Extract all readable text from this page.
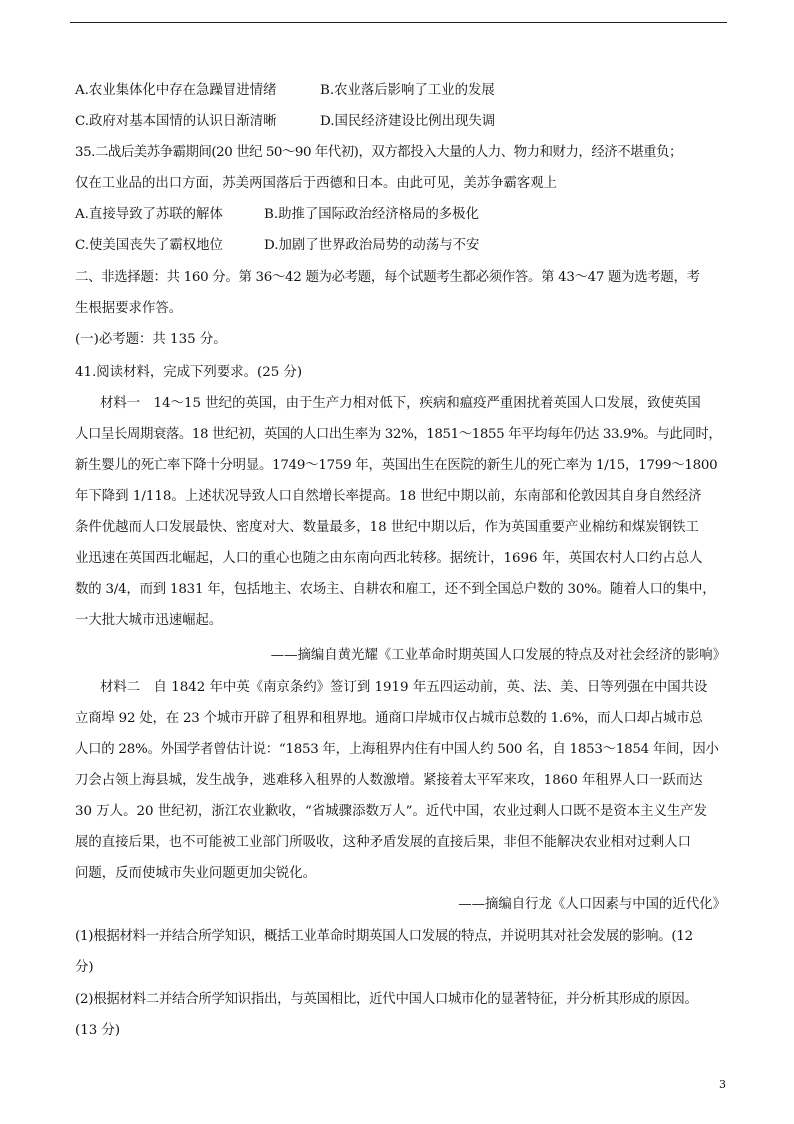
A.农业集体化中存在急躁冒进情绪	B.农业落后影响了工业的发展
C.政府对基本国情的认识日渐清晰	D.国民经济建设比例出现失调
35.二战后美苏争霸期间(20 世纪 50～90 年代初)，双方都投入大量的人力、物力和财力，经济不堪重负；
仅在工业品的出口方面，苏美两国落后于西德和日本。由此可见，美苏争霸客观上
A.直接导致了苏联的解体	B.助推了国际政治经济格局的多极化
C.使美国丧失了霸权地位	D.加剧了世界政治局势的动荡与不安
二、非选择题：共 160 分。第 36～42 题为必考题，每个试题考生都必须作答。第 43～47 题为选考题，考
生根据要求作答。
(一)必考题：共 135 分。
41.阅读材料，完成下列要求。(25 分)
材料一　14～15 世纪的英国，由于生产力相对低下，疾病和瘟疫严重困扰着英国人口发展，致使英国
人口呈长周期衰落。18 世纪初，英国的人口出生率为 32%，1851～1855 年平均每年仍达 33.9%。与此同时，
新生婴儿的死亡率下降十分明显。1749～1759 年，英国出生在医院的新生儿的死亡率为 1/15，1799～1800
年下降到 1/118。上述状况导致人口自然增长率提高。18 世纪中期以前，东南部和伦敦因其自身自然经济
条件优越而人口发展最快、密度对大、数量最多，18 世纪中期以后，作为英国重要产业棉纺和煤炭钢铁工
业迅速在英国西北崛起，人口的重心也随之由东南向西北转移。据统计，1696 年，英国农村人口约占总人
数的 3/4，而到 1831 年，包括地主、农场主、自耕农和雇工，还不到全国总户数的 30%。随着人口的集中，
一大批大城市迅速崛起。
——摘编自黄光耀《工业革命时期英国人口发展的特点及对社会经济的影响》
材料二　自 1842 年中英《南京条约》签订到 1919 年五四运动前，英、法、美、日等列强在中国共设
立商埠 92 处，在 23 个城市开辟了租界和租界地。通商口岸城市仅占城市总数的 1.6%，而人口却占城市总
人口的 28%。外国学者曾估计说：“1853 年，上海租界内住有中国人约 500 名，自 1853～1854 年间，因小
刀会占领上海县城，发生战争，逃难移入租界的人数激增。紧接着太平军来攻，1860 年租界人口一跃而达
30 万人。20 世纪初，浙江农业歉收，“省城骤添数万人”。近代中国，农业过剩人口既不是资本主义生产发
展的直接后果，也不可能被工业部门所吸收，这种矛盾发展的直接后果，非但不能解决农业相对过剩人口
问题，反而使城市失业问题更加尖锐化。
——摘编自行龙《人口因素与中国的近代化》
(1)根据材料一并结合所学知识，概括工业革命时期英国人口发展的特点，并说明其对社会发展的影响。(12
分)
(2)根据材料二并结合所学知识指出，与英国相比，近代中国人口城市化的显著特征，并分析其形成的原因。
(13 分)
3
